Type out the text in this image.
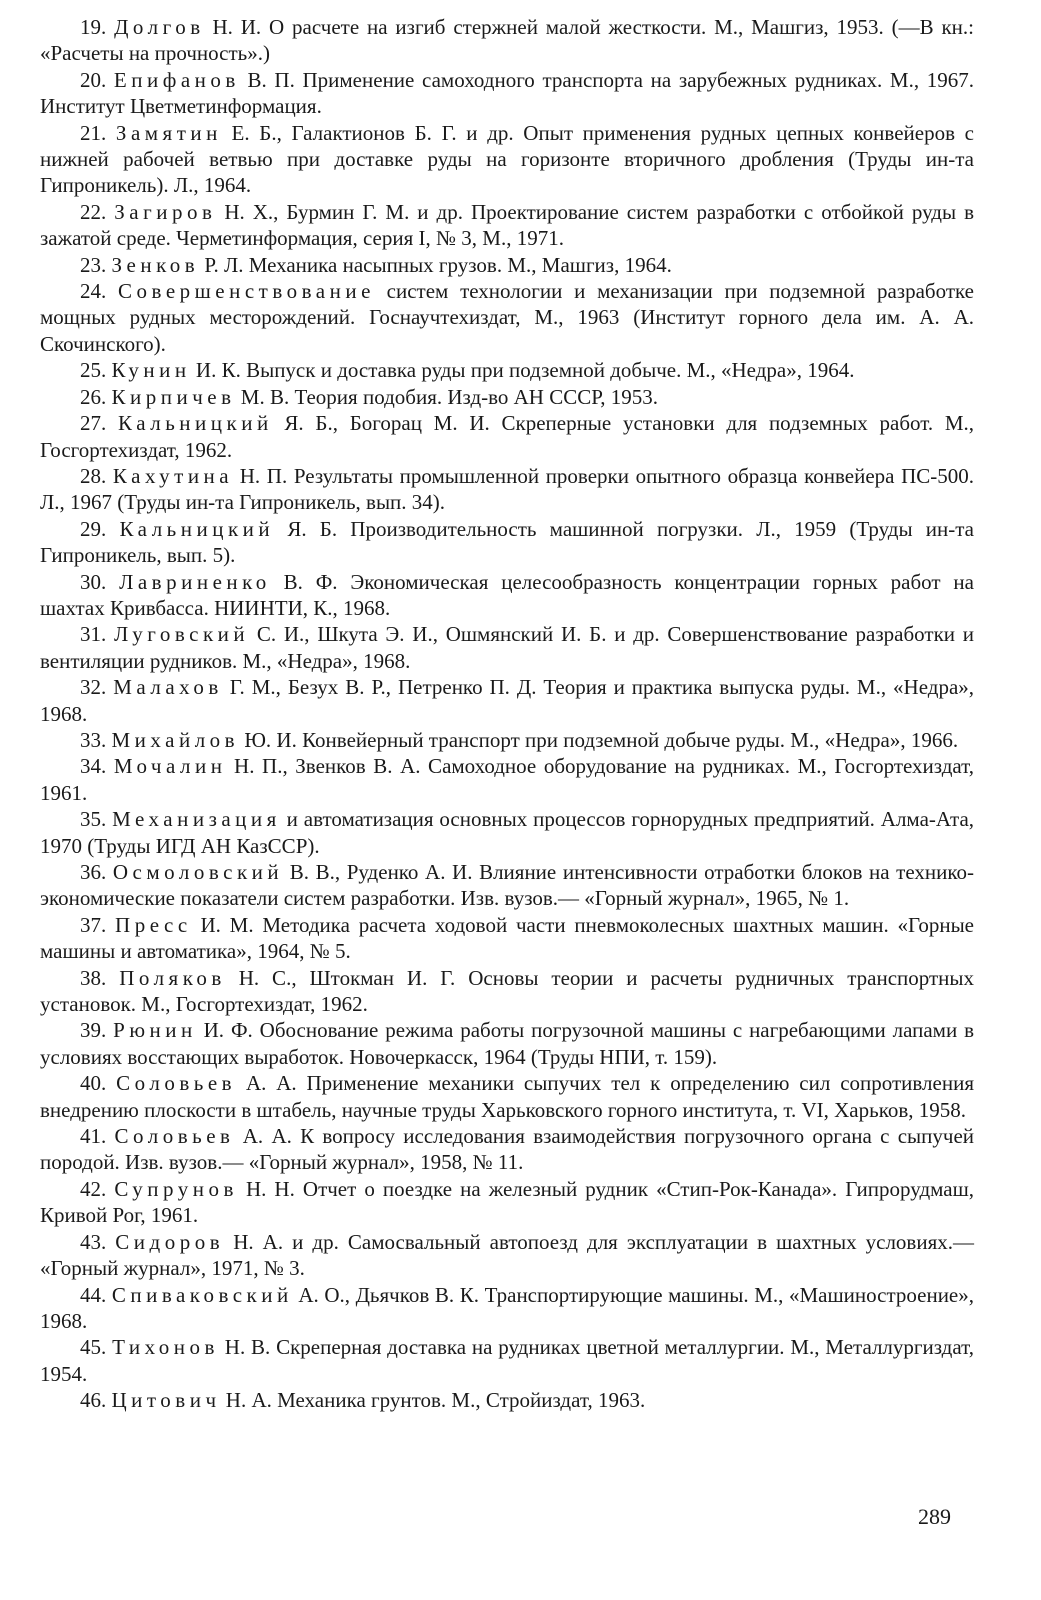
19. Долгов Н. И. О расчете на изгиб стержней малой жесткости. М., Машгиз, 1953. (—В кн.: «Расчеты на прочность».)

20. Епифанов В. П. Применение самоходного транспорта на зарубежных рудниках. М., 1967. Институт Цветметинформация.

21. Замятин Е. Б., Галактионов Б. Г. и др. Опыт применения рудных цепных конвейеров с нижней рабочей ветвью при доставке руды на горизонте вторичного дробления (Труды ин-та Гипроникель). Л., 1964.

22. Загиров Н. Х., Бурмин Г. М. и др. Проектирование систем разработки с отбойкой руды в зажатой среде. Черметинформация, серия I, № 3, М., 1971.

23. Зенков Р. Л. Механика насыпных грузов. М., Машгиз, 1964.

24. Совершенствование систем технологии и механизации при подземной разработке мощных рудных месторождений. Госнаучтехиздат, М., 1963 (Институт горного дела им. А. А. Скочинского).

25. Кунин И. К. Выпуск и доставка руды при подземной добыче. М., «Недра», 1964.

26. Кирпичев М. В. Теория подобия. Изд-во АН СССР, 1953.

27. Кальницкий Я. Б., Богорац М. И. Скреперные установки для подземных работ. М., Госгортехиздат, 1962.

28. Кахутина Н. П. Результаты промышленной проверки опытного образца конвейера ПС-500. Л., 1967 (Труды ин-та Гипроникель, вып. 34).

29. Кальницкий Я. Б. Производительность машинной погрузки. Л., 1959 (Труды ин-та Гипроникель, вып. 5).

30. Лавриненко В. Ф. Экономическая целесообразность концентрации горных работ на шахтах Кривбасса. НИИНТИ, К., 1968.

31. Луговский С. И., Шкута Э. И., Ошмянский И. Б. и др. Совершенствование разработки и вентиляции рудников. М., «Недра», 1968.

32. Малахов Г. М., Безух В. Р., Петренко П. Д. Теория и практика выпуска руды. М., «Недра», 1968.

33. Михайлов Ю. И. Конвейерный транспорт при подземной добыче руды. М., «Недра», 1966.

34. Мочалин Н. П., Звенков В. А. Самоходное оборудование на рудниках. М., Госгортехиздат, 1961.

35. Механизация и автоматизация основных процессов горнорудных предприятий. Алма-Ата, 1970 (Труды ИГД АН КазССР).

36. Осмоловский В. В., Руденко А. И. Влияние интенсивности отработки блоков на технико-экономические показатели систем разработки. Изв. вузов.— «Горный журнал», 1965, № 1.

37. Пресс И. М. Методика расчета ходовой части пневмоколесных шахтных машин. «Горные машины и автоматика», 1964, № 5.

38. Поляков Н. С., Штокман И. Г. Основы теории и расчеты рудничных транспортных установок. М., Госгортехиздат, 1962.

39. Рюнин И. Ф. Обоснование режима работы погрузочной машины с нагребающими лапами в условиях восстающих выработок. Новочеркасск, 1964 (Труды НПИ, т. 159).

40. Соловьев А. А. Применение механики сыпучих тел к определению сил сопротивления внедрению плоскости в штабель, научные труды Харьковского горного института, т. VI, Харьков, 1958.

41. Соловьев А. А. К вопросу исследования взаимодействия погрузочного органа с сыпучей породой. Изв. вузов.— «Горный журнал», 1958, № 11.

42. Супрунов Н. Н. Отчет о поездке на железный рудник «Стип-Рок-Канада». Гипрорудмаш, Кривой Рог, 1961.

43. Сидоров Н. А. и др. Самосвальный автопоезд для эксплуатации в шахтных условиях.— «Горный журнал», 1971, № 3.

44. Спиваковский А. О., Дьячков В. К. Транспортирующие машины. М., «Машиностроение», 1968.

45. Тихонов Н. В. Скреперная доставка на рудниках цветной металлургии. М., Металлургиздат, 1954.

46. Цитович Н. А. Механика грунтов. М., Стройиздат, 1963.

289
